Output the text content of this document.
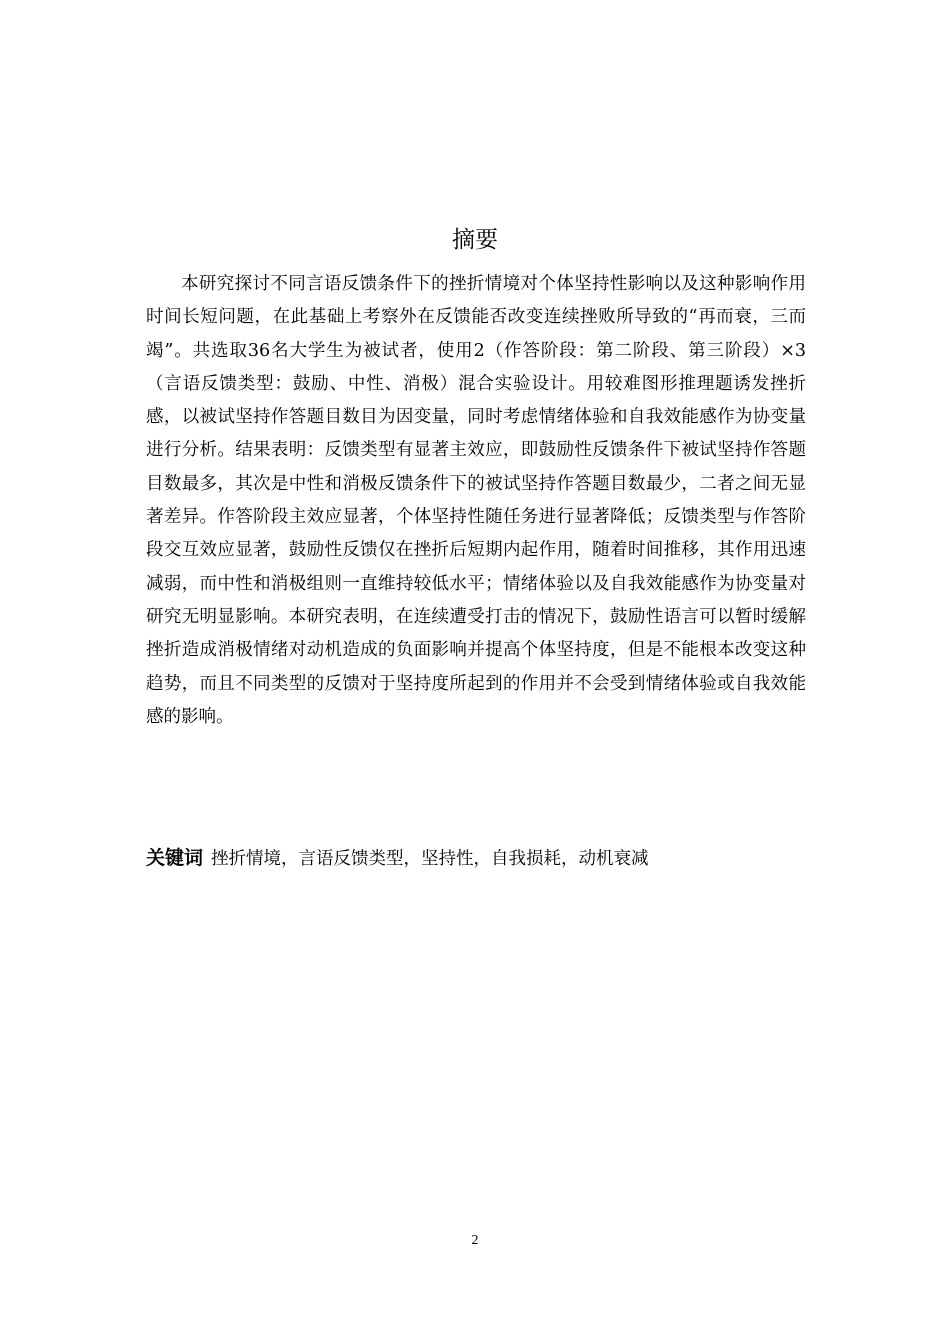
摘要

本研究探讨不同言语反馈条件下的挫折情境对个体坚持性影响以及这种影响作用时间长短问题，在此基础上考察外在反馈能否改变连续挫败所导致的“再而衰，三而竭”。共选取36名大学生为被试者，使用2（作答阶段：第二阶段、第三阶段）×3（言语反馈类型：鼓励、中性、消极）混合实验设计。用较难图形推理题诱发挫折感，以被试坚持作答题目数目为因变量，同时考虑情绪体验和自我效能感作为协变量进行分析。结果表明：反馈类型有显著主效应，即鼓励性反馈条件下被试坚持作答题目数最多，其次是中性和消极反馈条件下的被试坚持作答题目数最少，二者之间无显著差异。作答阶段主效应显著，个体坚持性随任务进行显著降低；反馈类型与作答阶段交互效应显著，鼓励性反馈仅在挫折后短期内起作用，随着时间推移，其作用迅速减弱，而中性和消极组则一直维持较低水平；情绪体验以及自我效能感作为协变量对研究无明显影响。本研究表明，在连续遭受打击的情况下，鼓励性语言可以暂时缓解挫折造成消极情绪对动机造成的负面影响并提高个体坚持度，但是不能根本改变这种趋势，而且不同类型的反馈对于坚持度所起到的作用并不会受到情绪体验或自我效能感的影响。

关键词 挫折情境，言语反馈类型，坚持性，自我损耗，动机衰减

2
